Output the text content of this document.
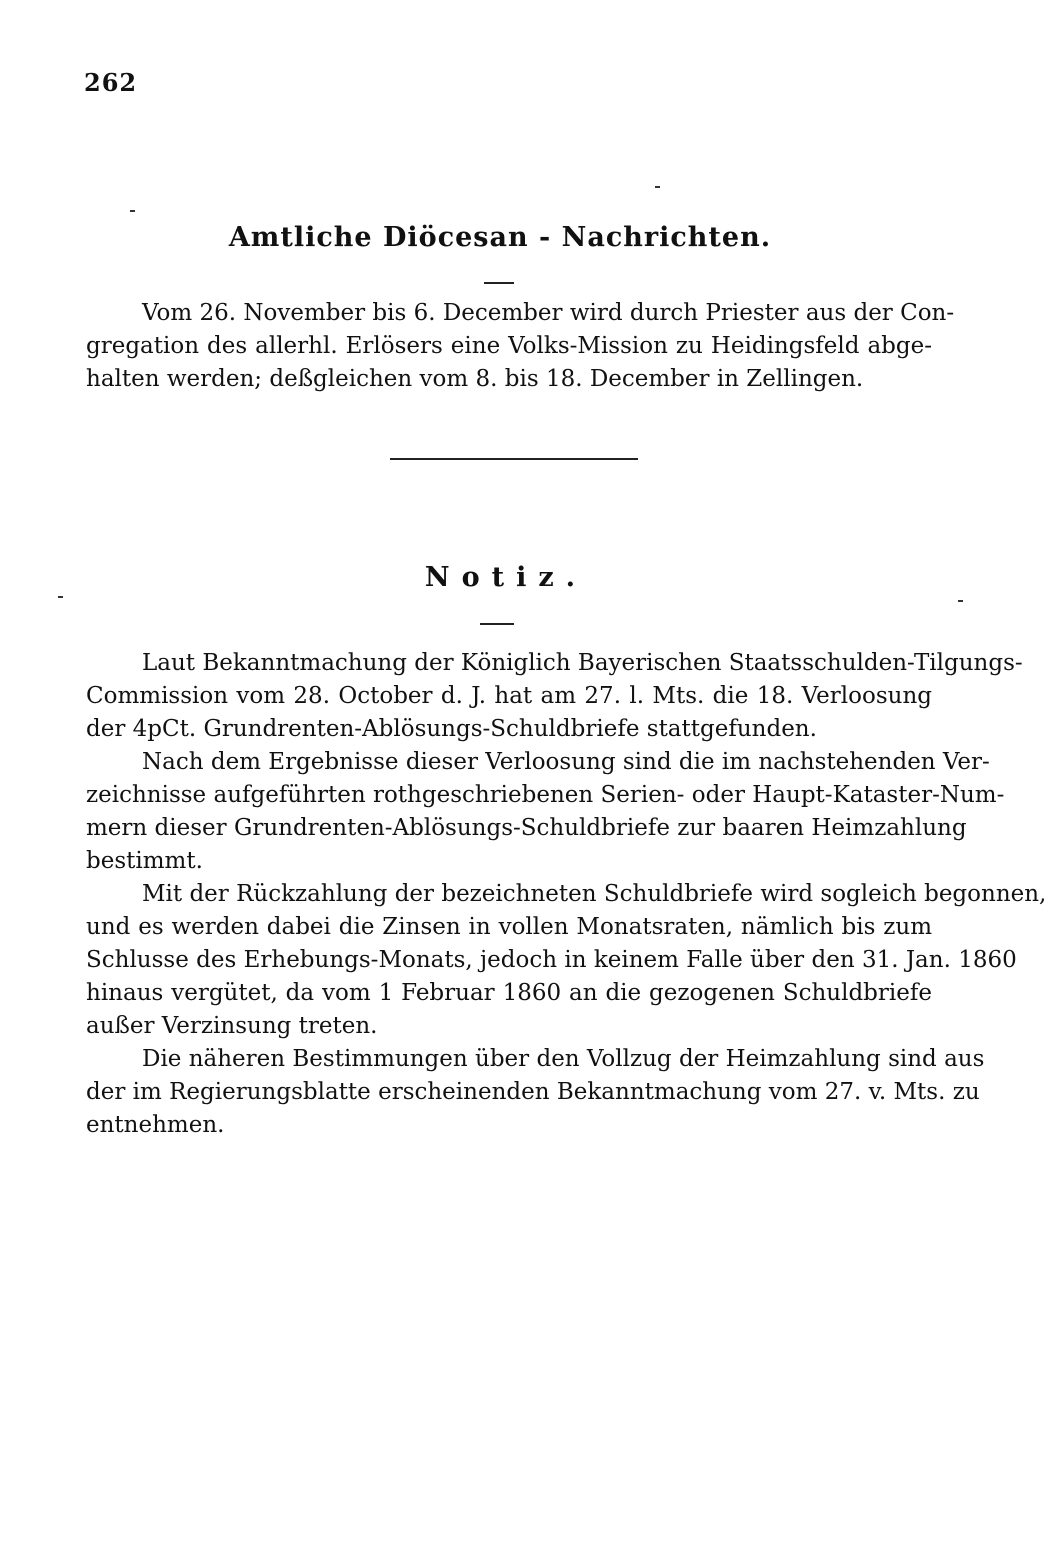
262
Amtliche Diöcesan - Nachrichten.
Vom 26. November bis 6. December wird durch Priester aus der Con-
gregation des allerhl. Erlösers eine Volks-Mission zu Heidingsfeld abge-
halten werden; deßgleichen vom 8. bis 18. December in Zellingen.
Notiz.
Laut Bekanntmachung der Königlich Bayerischen Staatsschulden-Tilgungs-
Commission vom 28. October d. J. hat am 27. l. Mts. die 18. Verloosung
der 4pCt. Grundrenten-Ablösungs-Schuldbriefe stattgefunden.
Nach dem Ergebnisse dieser Verloosung sind die im nachstehenden Ver-
zeichnisse aufgeführten rothgeschriebenen Serien- oder Haupt-Kataster-Num-
mern dieser Grundrenten-Ablösungs-Schuldbriefe zur baaren Heimzahlung
bestimmt.
Mit der Rückzahlung der bezeichneten Schuldbriefe wird sogleich begonnen,
und es werden dabei die Zinsen in vollen Monatsraten, nämlich bis zum
Schlusse des Erhebungs-Monats, jedoch in keinem Falle über den 31. Jan. 1860
hinaus vergütet, da vom 1 Februar 1860 an die gezogenen Schuldbriefe
außer Verzinsung treten.
Die näheren Bestimmungen über den Vollzug der Heimzahlung sind aus
der im Regierungsblatte erscheinenden Bekanntmachung vom 27. v. Mts. zu
entnehmen.
